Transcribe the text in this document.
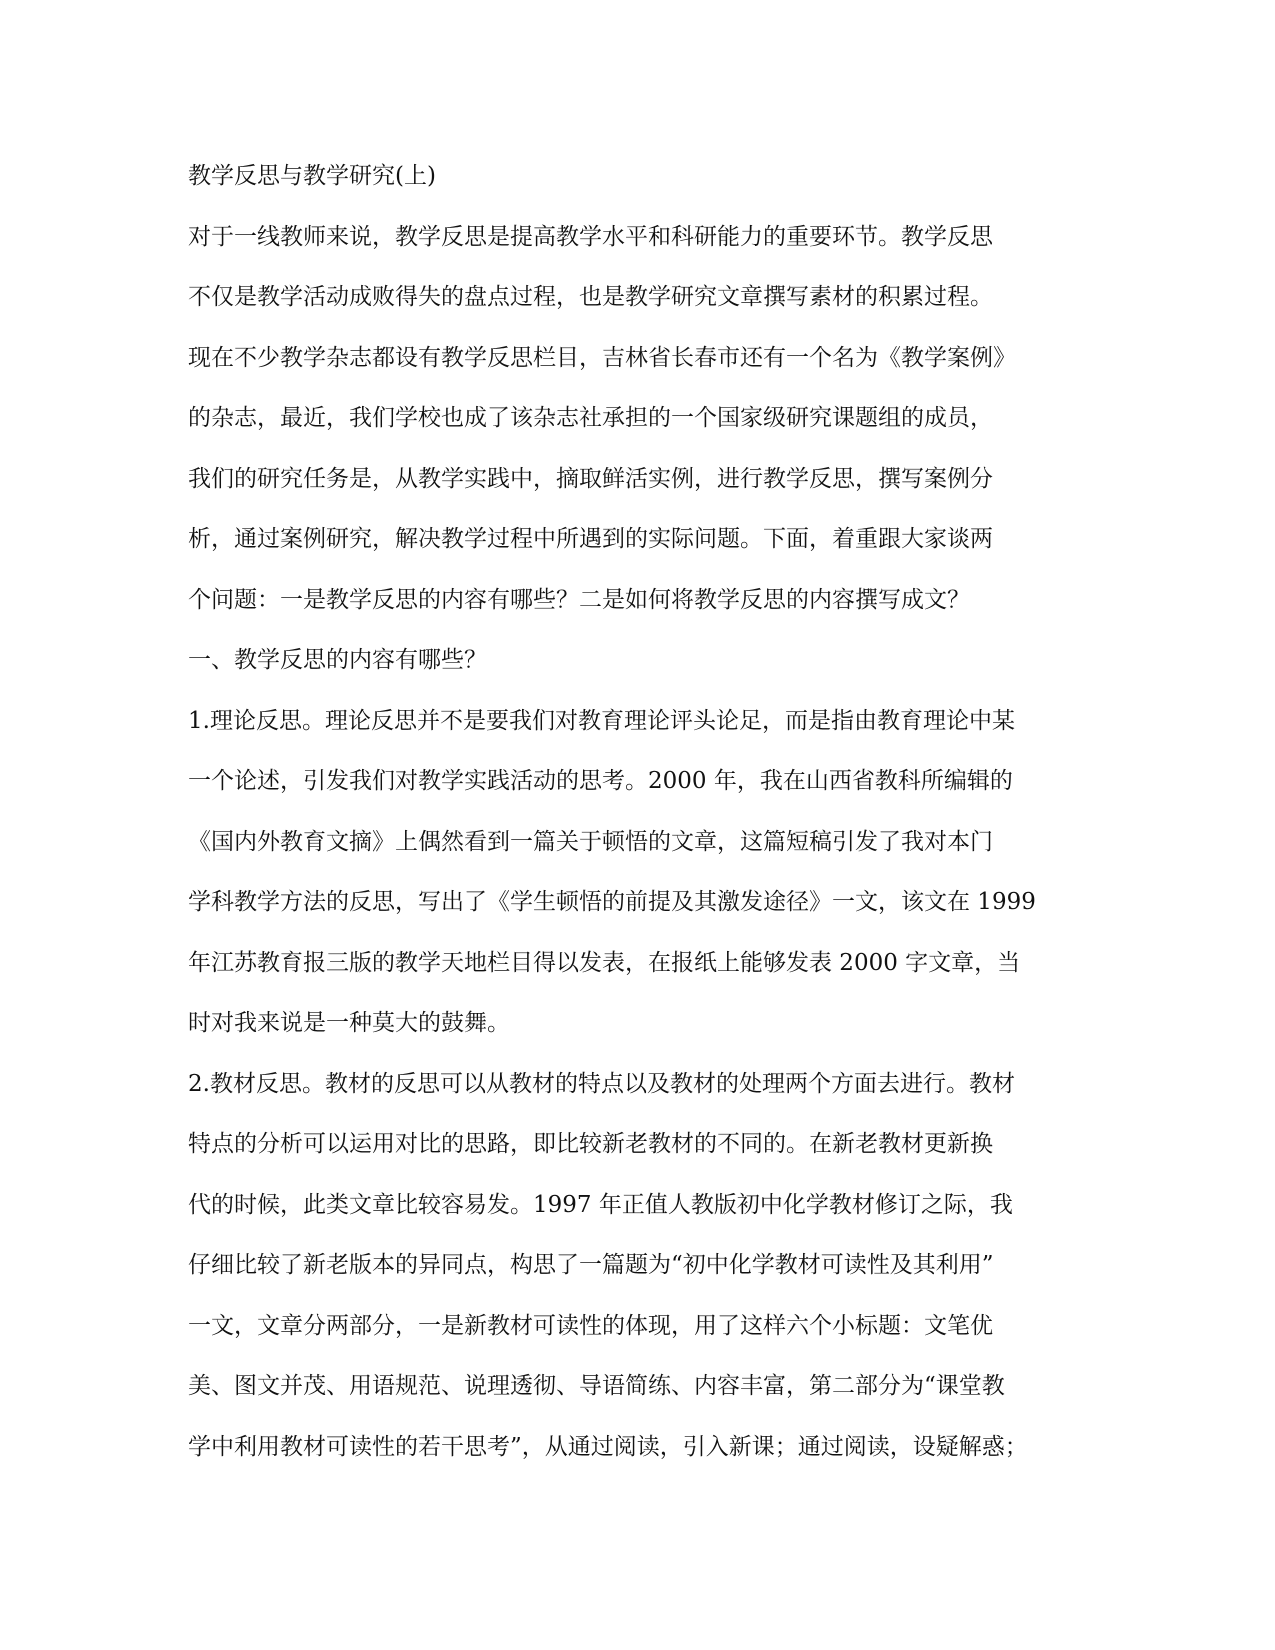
教学反思与教学研究(上)
对于一线教师来说，教学反思是提高教学水平和科研能力的重要环节。教学反思
不仅是教学活动成败得失的盘点过程，也是教学研究文章撰写素材的积累过程。
现在不少教学杂志都设有教学反思栏目，吉林省长春市还有一个名为《教学案例》
的杂志，最近，我们学校也成了该杂志社承担的一个国家级研究课题组的成员，
我们的研究任务是，从教学实践中，摘取鲜活实例，进行教学反思，撰写案例分
析，通过案例研究，解决教学过程中所遇到的实际问题。下面，着重跟大家谈两
个问题：一是教学反思的内容有哪些？二是如何将教学反思的内容撰写成文？
一、教学反思的内容有哪些？
1.理论反思。理论反思并不是要我们对教育理论评头论足，而是指由教育理论中某
一个论述，引发我们对教学实践活动的思考。2000 年，我在山西省教科所编辑的
《国内外教育文摘》上偶然看到一篇关于顿悟的文章，这篇短稿引发了我对本门
学科教学方法的反思，写出了《学生顿悟的前提及其激发途径》一文，该文在 1999
年江苏教育报三版的教学天地栏目得以发表，在报纸上能够发表 2000 字文章，当
时对我来说是一种莫大的鼓舞。
2.教材反思。教材的反思可以从教材的特点以及教材的处理两个方面去进行。教材
特点的分析可以运用对比的思路，即比较新老教材的不同的。在新老教材更新换
代的时候，此类文章比较容易发。1997 年正值人教版初中化学教材修订之际，我
仔细比较了新老版本的异同点，构思了一篇题为“初中化学教材可读性及其利用”
一文，文章分两部分，一是新教材可读性的体现，用了这样六个小标题：文笔优
美、图文并茂、用语规范、说理透彻、导语简练、内容丰富，第二部分为“课堂教
学中利用教材可读性的若干思考”，从通过阅读，引入新课；通过阅读，设疑解惑；
